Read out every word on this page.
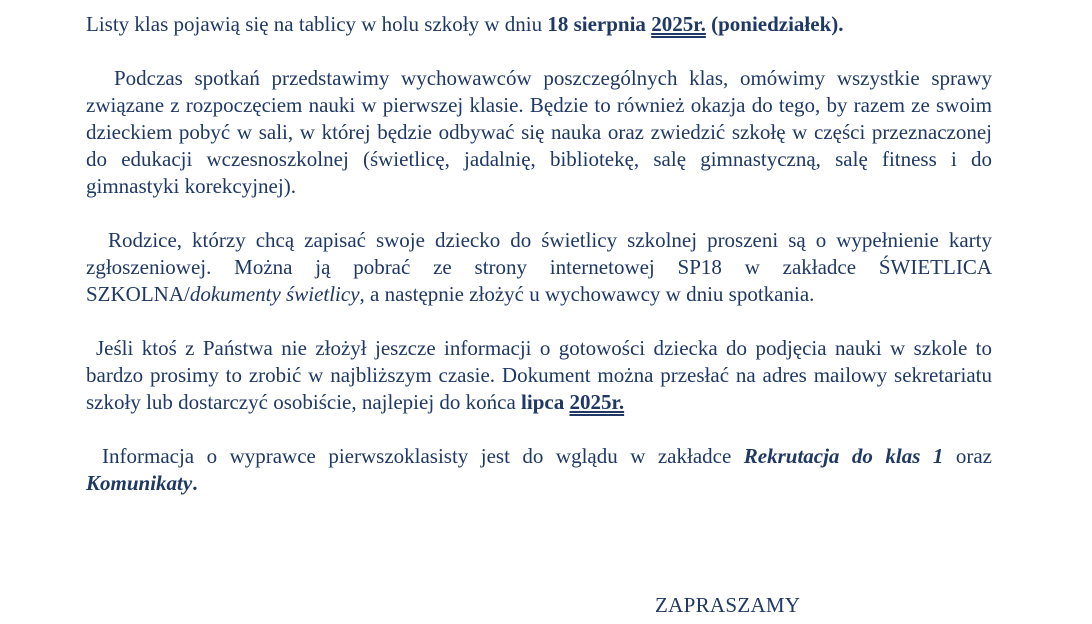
Listy klas pojawią się na tablicy w holu szkoły w dniu 18 sierpnia 2025r. (poniedziałek).

Podczas spotkań przedstawimy wychowawców poszczególnych klas, omówimy wszystkie sprawy związane z rozpoczęciem nauki w pierwszej klasie. Będzie to również okazja do tego, by razem ze swoim dzieckiem pobyć w sali, w której będzie odbywać się nauka oraz zwiedzić szkołę w części przeznaczonej do edukacji wczesnoszkolnej (świetlicę, jadalnię, bibliotekę, salę gimnastyczną, salę fitness i do gimnastyki korekcyjnej).

Rodzice, którzy chcą zapisać swoje dziecko do świetlicy szkolnej proszeni są o wypełnienie karty zgłoszeniowej. Można ją pobrać ze strony internetowej SP18 w zakładce ŚWIETLICA SZKOLNA/dokumenty świetlicy, a następnie złożyć u wychowawcy w dniu spotkania.

Jeśli ktoś z Państwa nie złożył jeszcze informacji o gotowości dziecka do podjęcia nauki w szkole to bardzo prosimy to zrobić w najbliższym czasie. Dokument można przesłać na adres mailowy sekretariatu szkoły lub dostarczyć osobiście, najlepiej do końca lipca 2025r.

Informacja o wyprawce pierwszoklasisty jest do wglądu w zakładce Rekrutacja do klas 1 oraz Komunikaty.

ZAPRASZAMY
